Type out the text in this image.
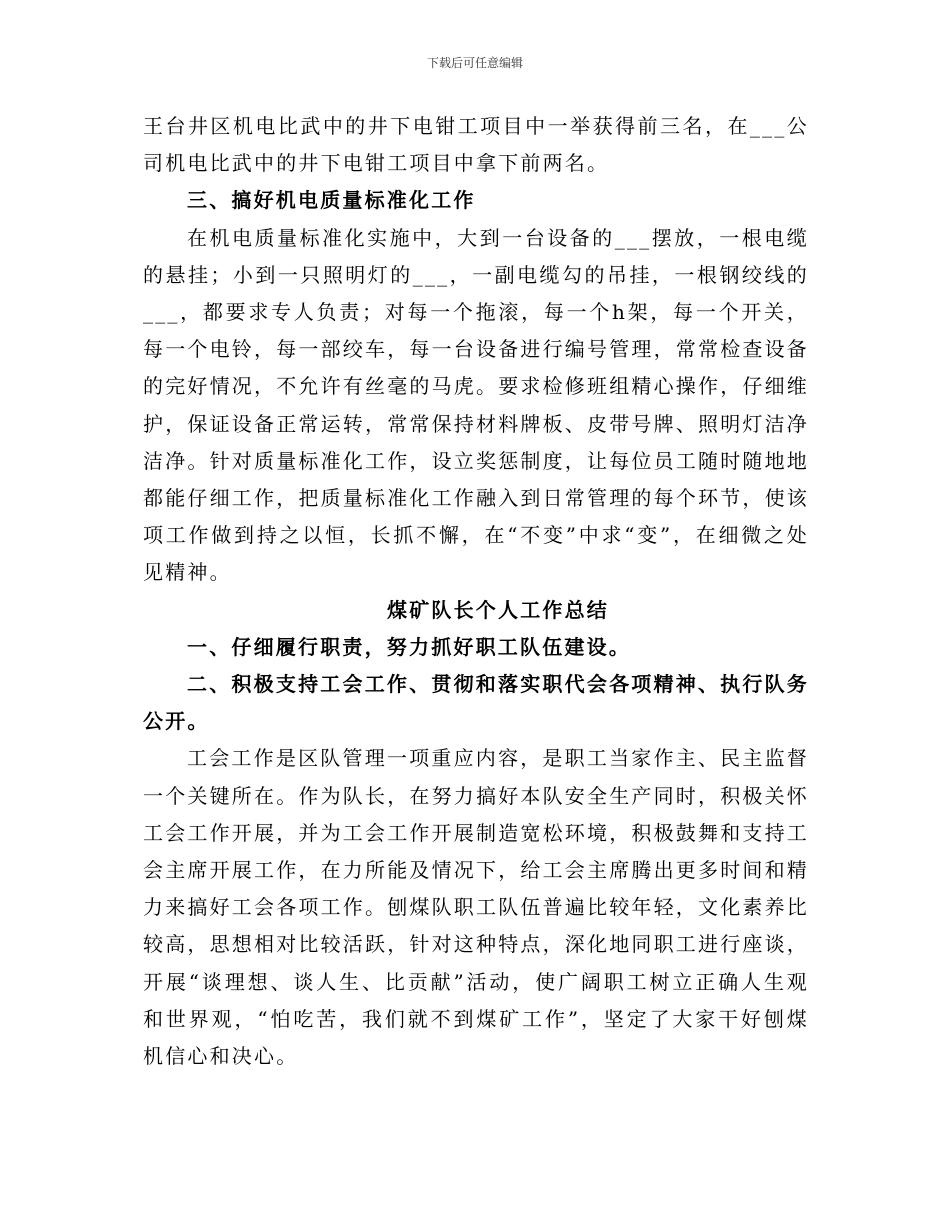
下载后可任意编辑

王台井区机电比武中的井下电钳工项目中一举获得前三名，在___公司机电比武中的井下电钳工项目中拿下前两名。

三、搞好机电质量标准化工作

在机电质量标准化实施中，大到一台设备的___摆放，一根电缆的悬挂；小到一只照明灯的___，一副电缆勾的吊挂，一根钢绞线的___，都要求专人负责；对每一个拖滚，每一个h架，每一个开关，每一个电铃，每一部绞车，每一台设备进行编号管理，常常检查设备的完好情况，不允许有丝毫的马虎。要求检修班组精心操作，仔细维护，保证设备正常运转，常常保持材料牌板、皮带号牌、照明灯洁净洁净。针对质量标准化工作，设立奖惩制度，让每位员工随时随地地都能仔细工作，把质量标准化工作融入到日常管理的每个环节，使该项工作做到持之以恒，长抓不懈，在“不变”中求“变”，在细微之处见精神。

煤矿队长个人工作总结

一、仔细履行职责，努力抓好职工队伍建设。

二、积极支持工会工作、贯彻和落实职代会各项精神、执行队务公开。

工会工作是区队管理一项重应内容，是职工当家作主、民主监督一个关键所在。作为队长，在努力搞好本队安全生产同时，积极关怀工会工作开展，并为工会工作开展制造宽松环境，积极鼓舞和支持工会主席开展工作，在力所能及情况下，给工会主席腾出更多时间和精力来搞好工会各项工作。刨煤队职工队伍普遍比较年轻，文化素养比较高，思想相对比较活跃，针对这种特点，深化地同职工进行座谈，开展“谈理想、谈人生、比贡献”活动，使广阔职工树立正确人生观和世界观，“怕吃苦，我们就不到煤矿工作”，坚定了大家干好刨煤机信心和决心。
